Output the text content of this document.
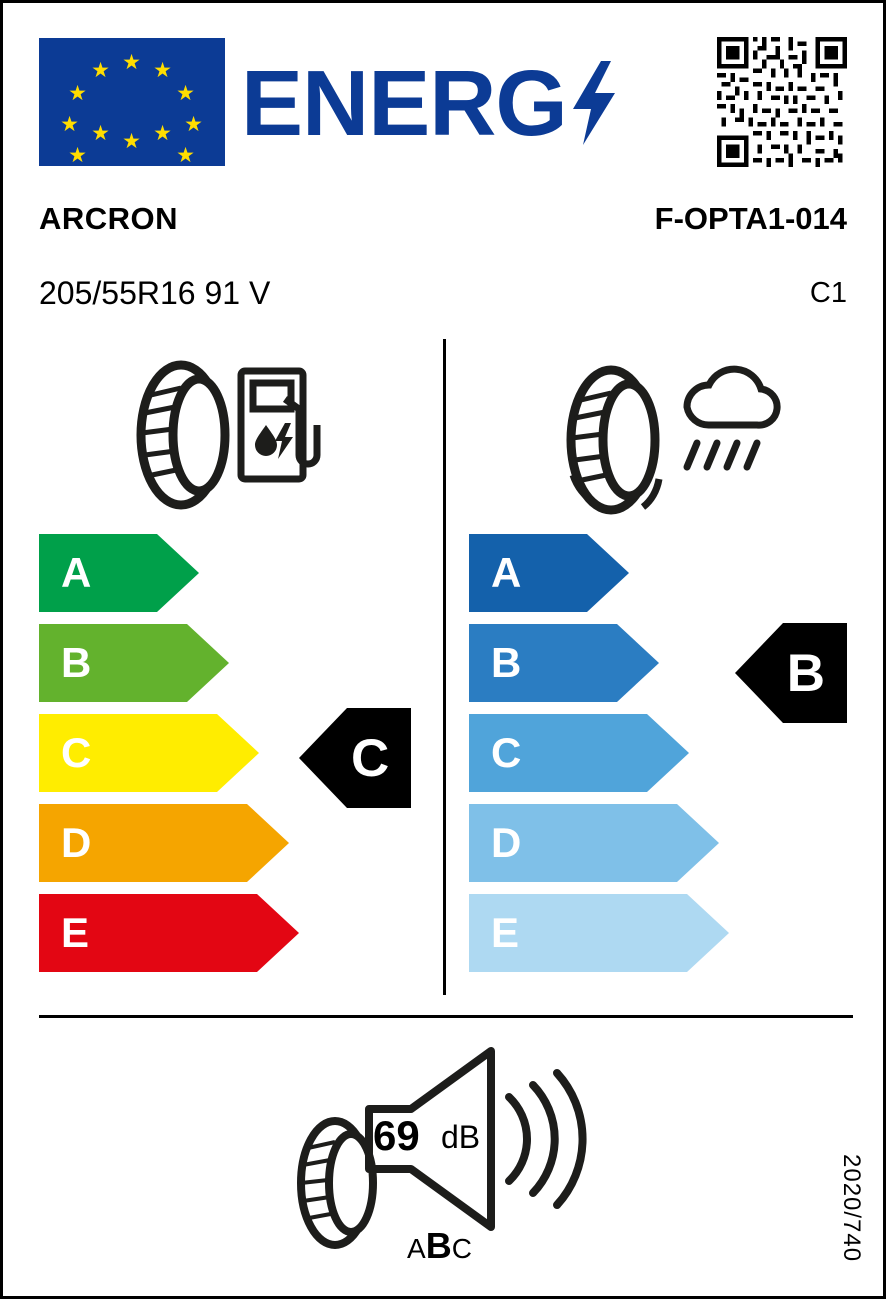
★ ★
★
★
★
★
★
★
★
★
★
★ ENERG
ARCRON	F-OPTA1-014
205/55R16 91 V	C1
A
B
C
D
E
A
B
C
D
E
C
B
69 dB
ABC	2020/740
